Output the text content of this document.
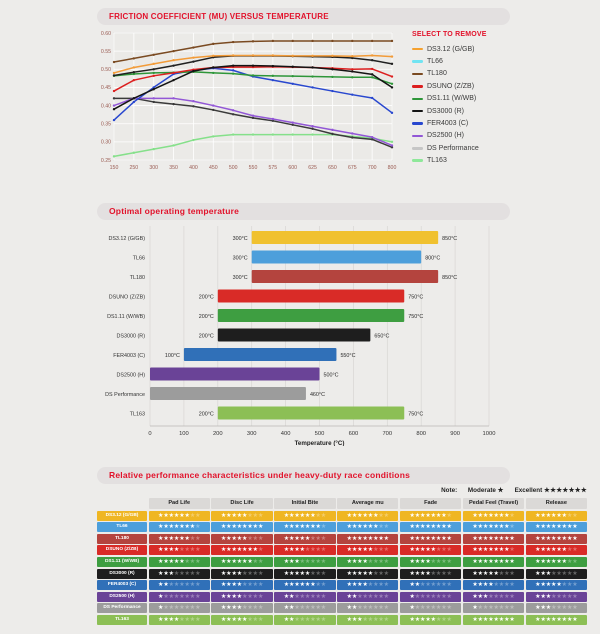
FRICTION COEFFICIENT (MU) VERSUS TEMPERATURE
150 250 300 350 400 450 500 550 575 600 625 650 675 700 800
0.25
0.30
0.35
0.40
0.45
0.50
0.55
0.60	SELECT TO REMOVE
DS3.12 (G/GB)
TL66
TL180
DSUNO (Z/ZB)
DS1.11 (W/WB)
DS3000 (R)
FER4003 (C)
DS2500 (H)
DS Performance
TL163
Optimal operating temperature
0	100	200	300	400	500	600	700	800	900	1000
DS3.12 (G/GB)	300°C	850°C
TL66	300°C	800°C
TL180	300°C	850°C
DSUNO (Z/ZB)	200°C	750°C
DS1.11 (W/WB)	200°C	750°C
DS3000 (R)	200°C	650°C
FER4003 (C)	100°C	550°C
DS2500 (H)	500°C
DS Performance	460°C
TL163	200°C	750°C
Temperature (°C)
Relative performance characteristics under heavy-duty race conditions
Note: Moderate ★ Excellent ★★★★★★★
Pad Life	Disc Life	Initial Bite	Average mu	Fade	Pedal Feel (Travel)	Release
DS3.12 (G/GB)	★★★★★★★★	★★★★★★★★	★★★★★★★★	★★★★★★★★	★★★★★★★★	★★★★★★★★	★★★★★★★★
TL66	★★★★★★★★	★★★★★★★★	★★★★★★★★	★★★★★★★★	★★★★★★★★	★★★★★★★★	★★★★★★★★
TL180	★★★★★★★★	★★★★★★★★	★★★★★★★★	★★★★★★★★	★★★★★★★★	★★★★★★★★	★★★★★★★★
DSUNO (Z/ZB)	★★★★★★★★	★★★★★★★★	★★★★★★★★	★★★★★★★★	★★★★★★★★	★★★★★★★★	★★★★★★★★
DS1.11 (W/WB)	★★★★★★★★	★★★★★★★★	★★★★★★★★	★★★★★★★★	★★★★★★★★	★★★★★★★★	★★★★★★★★
DS3000 (R)	★★★★★★★★	★★★★★★★★	★★★★★★★★	★★★★★★★★	★★★★★★★★	★★★★★★★★	★★★★★★★★
FER4003 (C)	★★★★★★★★	★★★★★★★★	★★★★★★★★	★★★★★★★★	★★★★★★★★	★★★★★★★★	★★★★★★★★
DS2500 (H)	★★★★★★★★	★★★★★★★★	★★★★★★★★	★★★★★★★★	★★★★★★★★	★★★★★★★★	★★★★★★★★
DS Performance	★★★★★★★★	★★★★★★★★	★★★★★★★★	★★★★★★★★	★★★★★★★★	★★★★★★★★	★★★★★★★★
TL163	★★★★★★★★	★★★★★★★★	★★★★★★★★	★★★★★★★★	★★★★★★★★	★★★★★★★★	★★★★★★★★
